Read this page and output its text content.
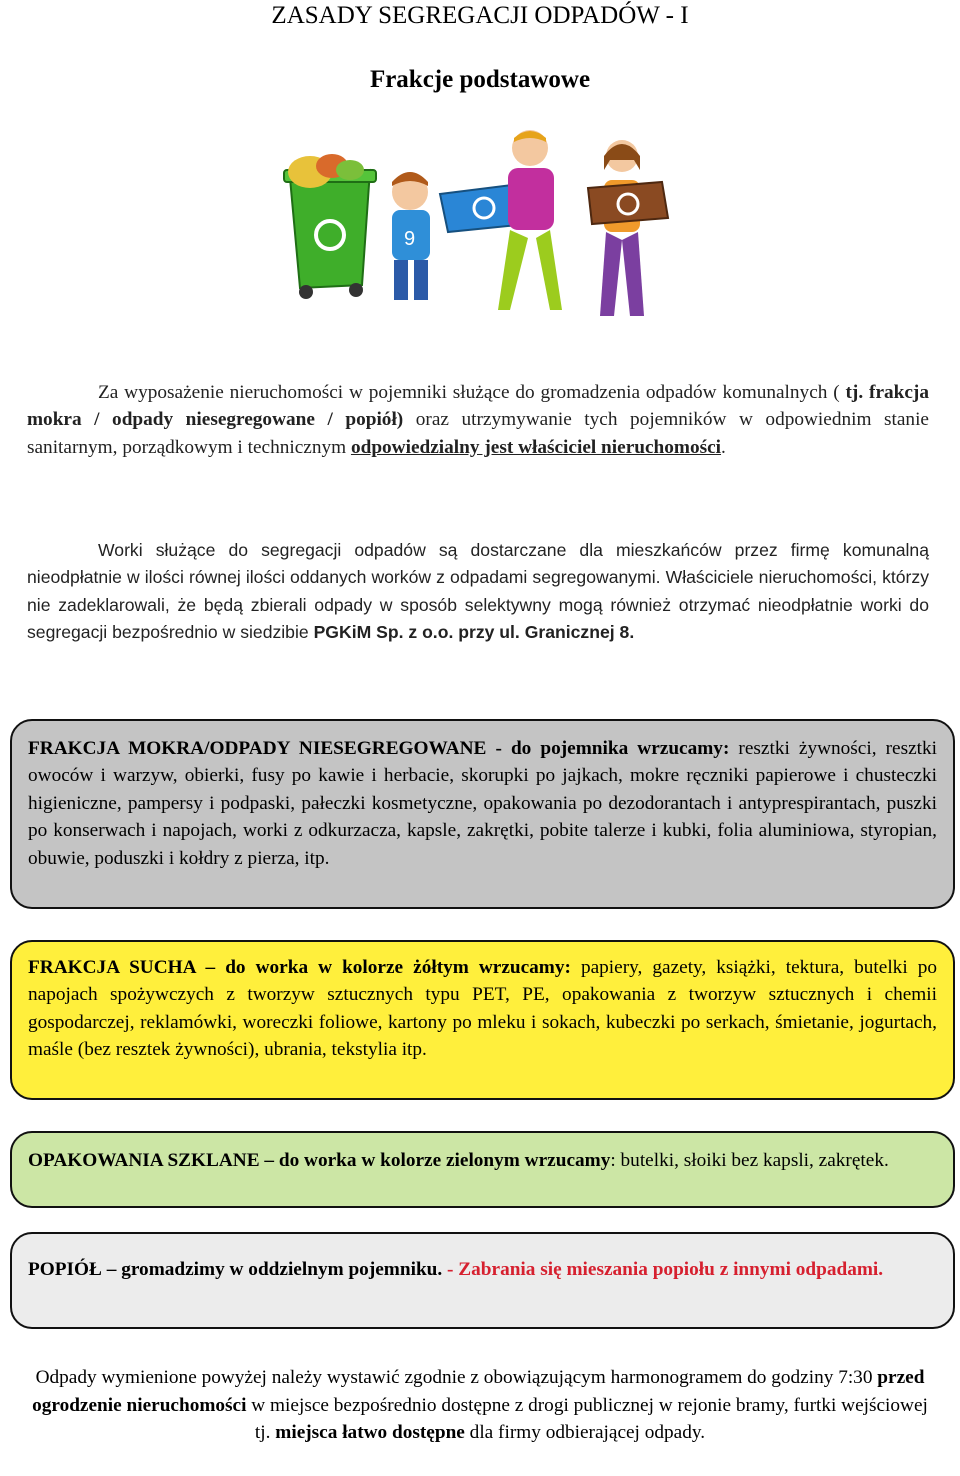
ZASADY SEGREGACJI ODPADÓW - I
Frakcje podstawowe
9

Za wyposażenie nieruchomości w pojemniki służące do gromadzenia odpadów komunalnych ( tj. frakcja mokra / odpady niesegregowane / popiół) oraz utrzymywanie tych pojemników w odpowiednim stanie sanitarnym, porządkowym i technicznym odpowiedzialny jest właściciel nieruchomości.

Worki służące do segregacji odpadów są dostarczane dla mieszkańców przez firmę komunalną nieodpłatnie w ilości równej ilości oddanych worków z odpadami segregowanymi. Właściciele nieruchomości, którzy nie zadeklarowali, że będą zbierali odpady w sposób selektywny mogą również otrzymać nieodpłatnie worki do segregacji bezpośrednio w siedzibie PGKiM Sp. z o.o. przy ul. Granicznej 8.

FRAKCJA MOKRA/ODPADY NIESEGREGOWANE - do pojemnika wrzucamy: resztki żywności, resztki owoców i warzyw, obierki, fusy po kawie i herbacie, skorupki po jajkach, mokre ręczniki papierowe i chusteczki higieniczne, pampersy i podpaski, pałeczki kosmetyczne, opakowania po dezodorantach i antyprespirantach, puszki po konserwach i napojach, worki z odkurzacza, kapsle, zakrętki, pobite talerze i kubki, folia aluminiowa, styropian, obuwie, poduszki i kołdry z pierza, itp.

FRAKCJA SUCHA – do worka w kolorze żółtym wrzucamy: papiery, gazety, książki, tektura, butelki po napojach spożywczych z tworzyw sztucznych typu PET, PE, opakowania z tworzyw sztucznych i chemii gospodarczej, reklamówki, woreczki foliowe, kartony po mleku i sokach, kubeczki po serkach, śmietanie, jogurtach, maśle (bez resztek żywności), ubrania, tekstylia itp.

OPAKOWANIA SZKLANE – do worka w kolorze zielonym wrzucamy: butelki, słoiki bez kapsli, zakrętek.

POPIÓŁ – gromadzimy w oddzielnym pojemniku. - Zabrania się mieszania popiołu z innymi odpadami.

Odpady wymienione powyżej należy wystawić zgodnie z obowiązującym harmonogramem do godziny 7:30 przed ogrodzenie nieruchomości w miejsce bezpośrednio dostępne z drogi publicznej w rejonie bramy, furtki wejściowej tj. miejsca łatwo dostępne dla firmy odbierającej odpady.
